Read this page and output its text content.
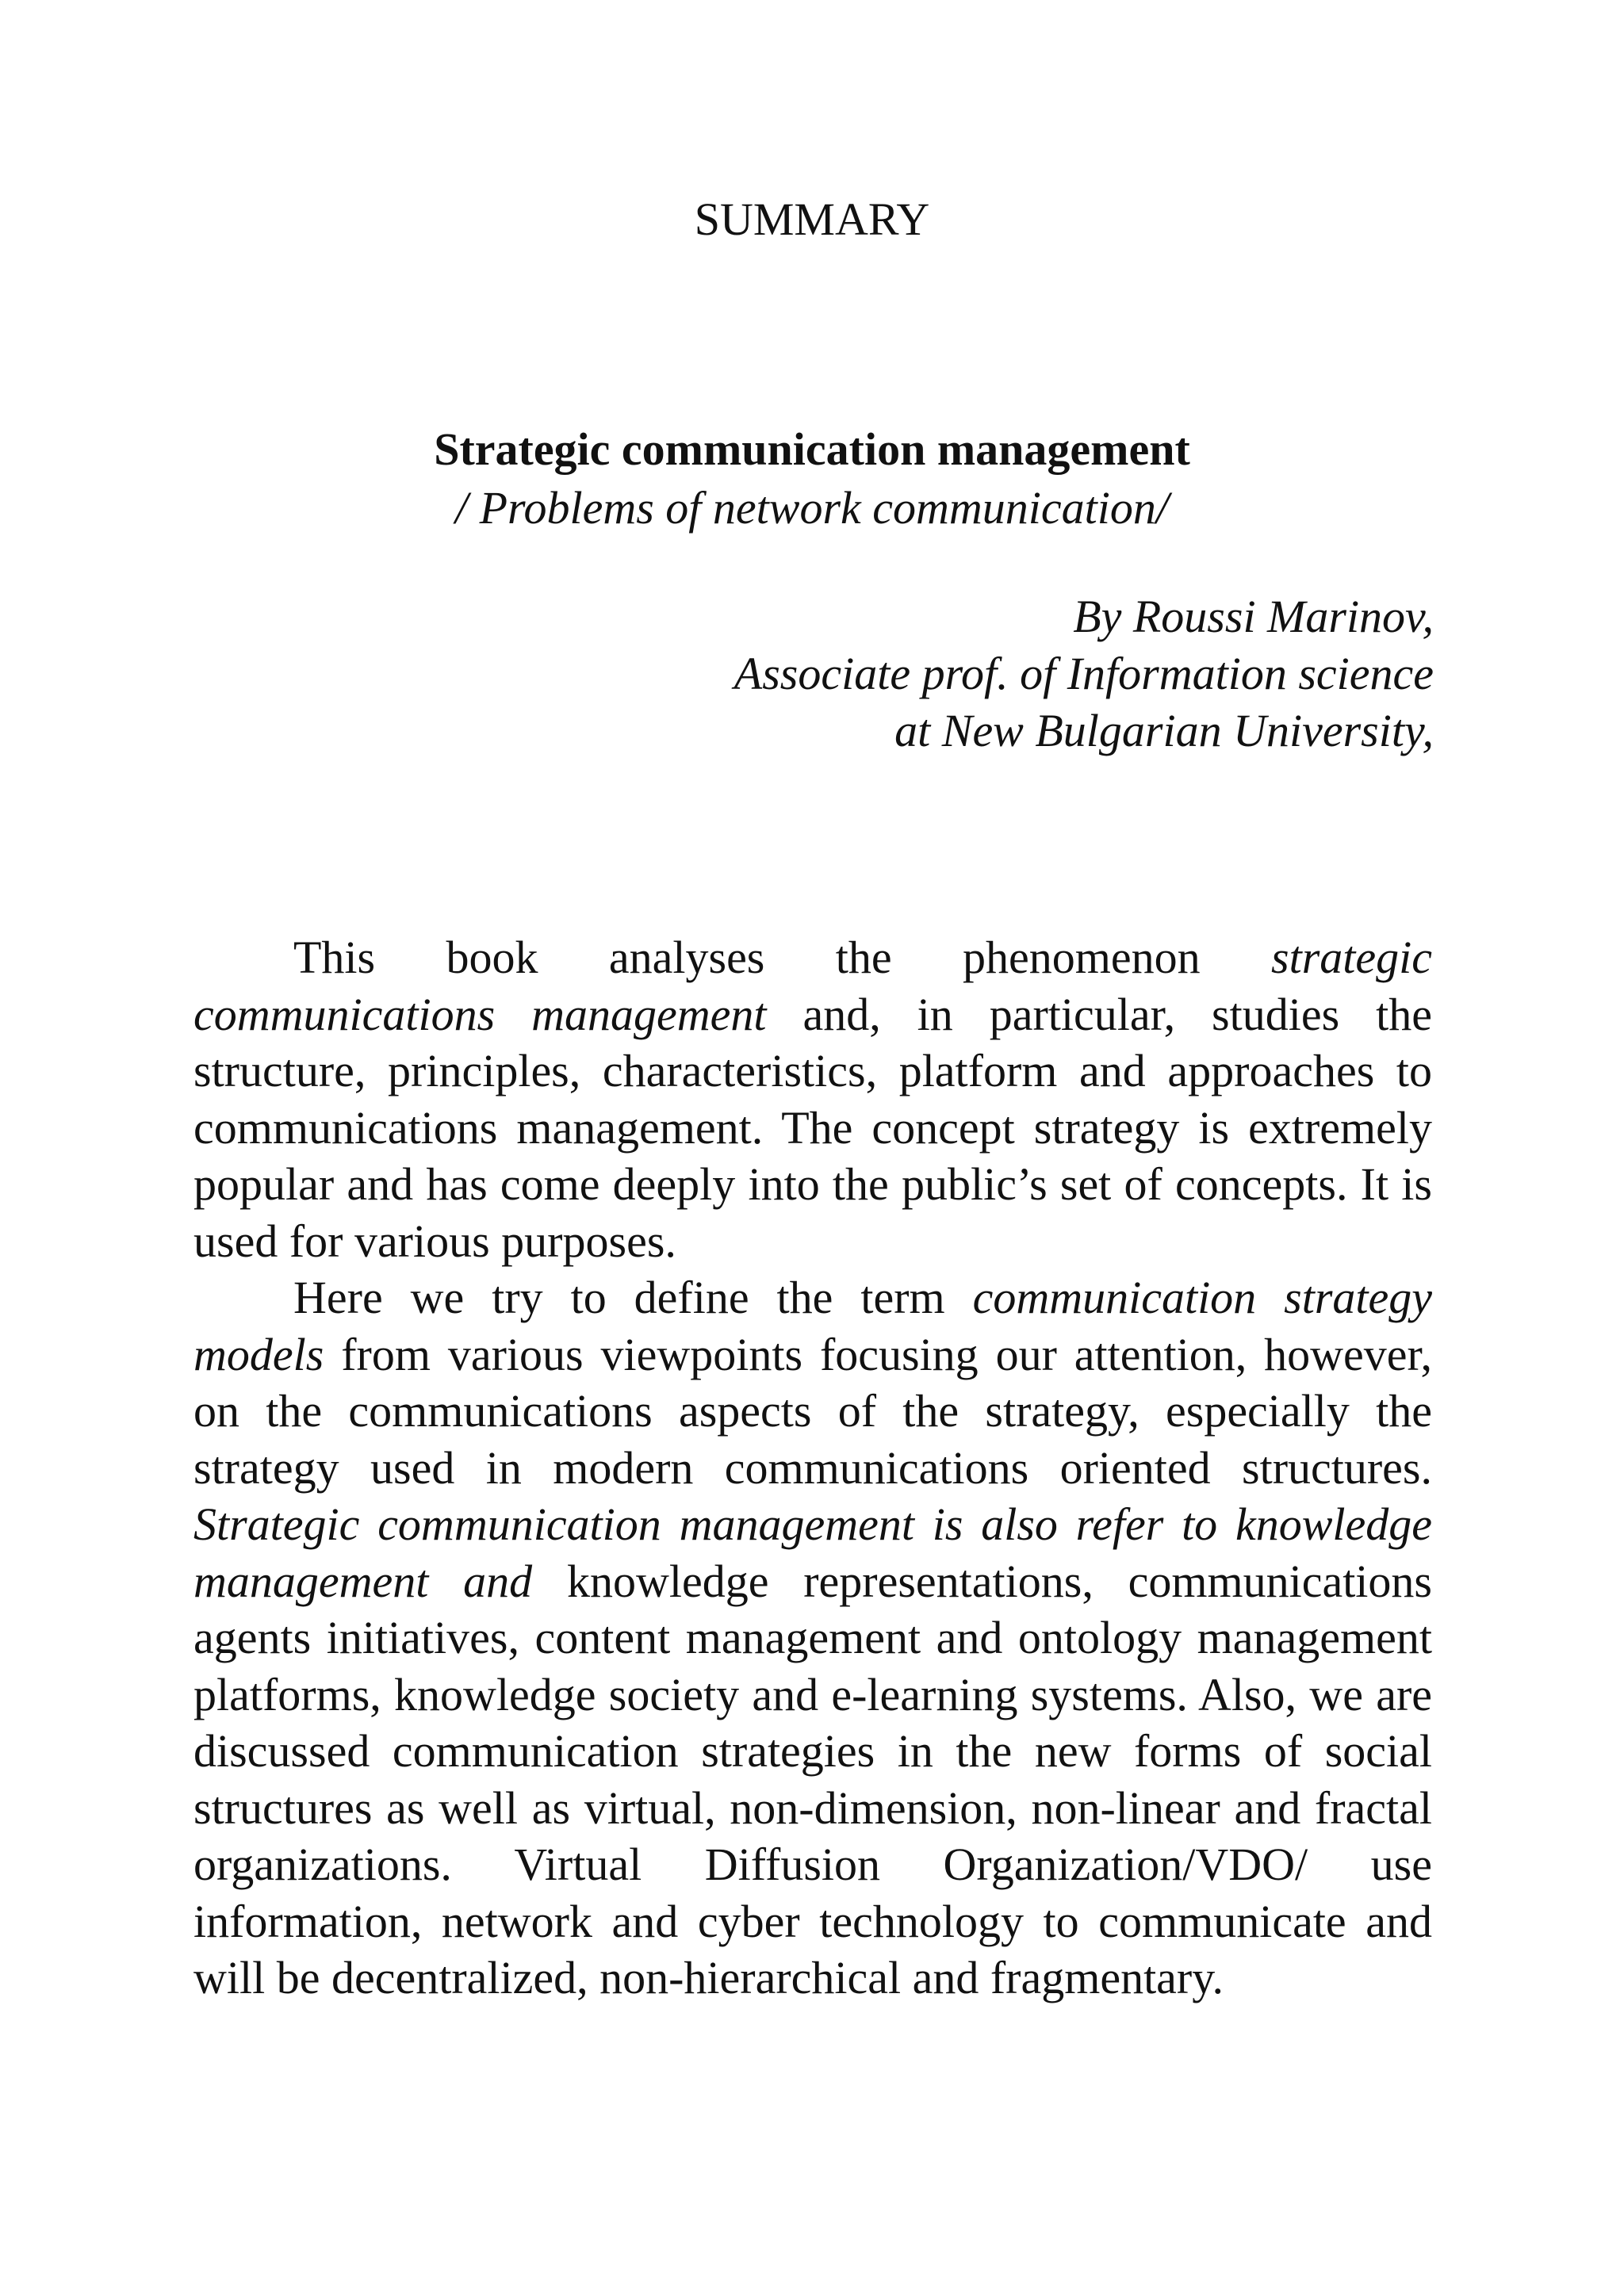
SUMMARY
Strategic communication management
/ Problems of network communication/
By Roussi Marinov,
Associate prof. of Information science
at New Bulgarian University,

This book analyses the phenomenon strategic communications management and, in particular, studies the structure, principles, characteristics, platform and approaches to communications management. The concept strategy is extremely popular and has come deeply into the public’s set of concepts. It is used for various purposes.

Here we try to define the term communication strategy models from various viewpoints focusing our attention, however, on the communications aspects of the strategy, especially the strategy used in modern communications oriented structures. Strategic communication management is also refer to knowledge management and knowledge representations, communications agents initiatives, content management and ontology management platforms, knowledge society and e-learning systems. Also, we are discussed communication strategies in the new forms of social structures as well as virtual, non-dimension, non-linear and fractal organizations. Virtual Diffusion Organization/VDO/ use information, network and cyber technology to communicate and will be decentralized, non-hierarchical and fragmentary.
